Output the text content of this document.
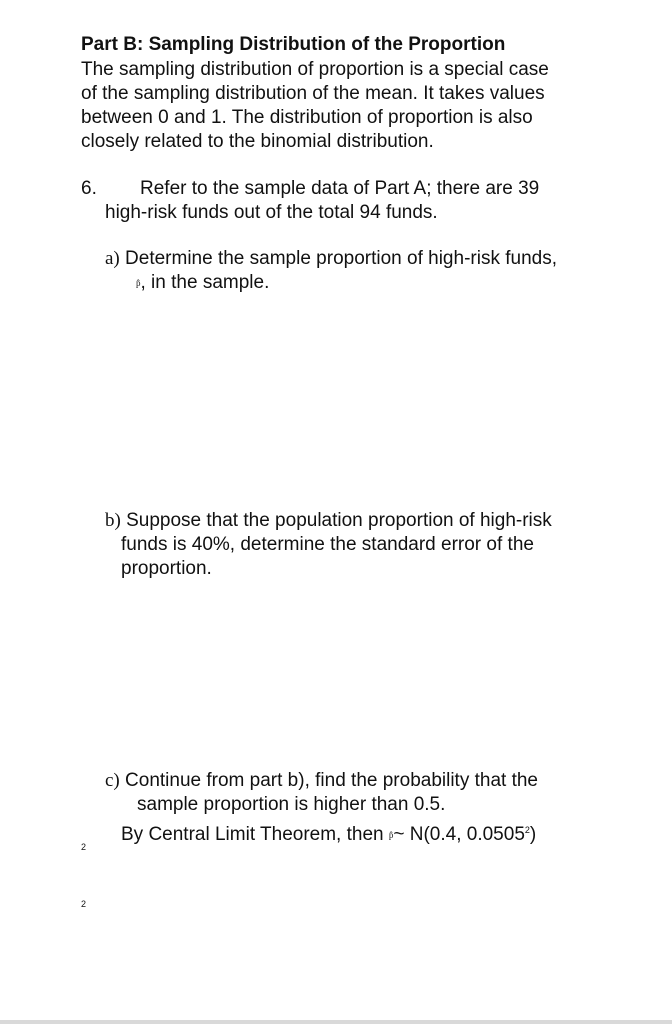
Part B: Sampling Distribution of the Proportion
The sampling distribution of proportion is a special case
of the sampling distribution of the mean. It takes values
between 0 and 1. The distribution of proportion is also
closely related to the binomial distribution.
6. Refer to the sample data of Part A; there are 39
high-risk funds out of the total 94 funds.
a) Determine the sample proportion of high-risk funds,
p̂, in the sample.
b) Suppose that the population proportion of high-risk
funds is 40%, determine the standard error of the
proportion.
c) Continue from part b), find the probability that the
sample proportion is higher than 0.5.
By Central Limit Theorem, then p̂~ N(0.4, 0.0505$^2$)
2
2
